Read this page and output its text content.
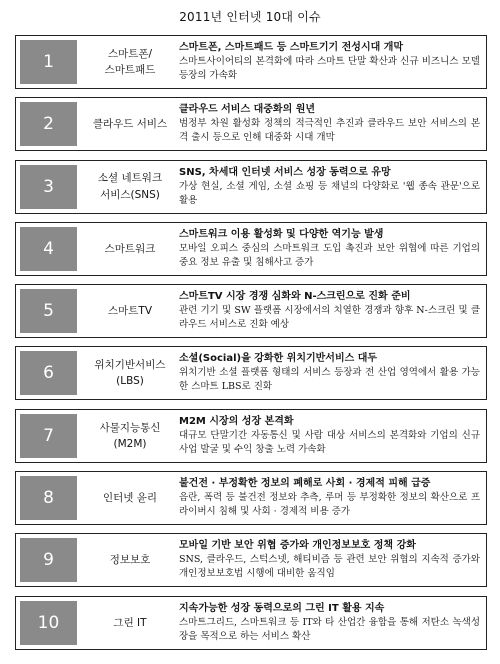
2011년 인터넷 10대 이슈
1	스마트폰/
스마트패드
스마트폰, 스마트패드 등 스마트기기 전성시대 개막
스마트사이어티의 본격화에 따라 스마트 단말 확산과 신규 비즈니스 모델 등장의 가속화
2	클라우드 서비스
클라우드 서비스 대중화의 원년
범정부 차원 활성화 정책의 적극적인 추진과 클라우드 보안 서비스의 본격 출시 등으로 인해 대중화 시대 개막
3	소셜 네트워크
서비스(SNS)
SNS, 차세대 인터넷 서비스 성장 동력으로 유망
가상 현실, 소셜 게임, 소셜 쇼핑 등 채널의 다양화로 '웹 종속 관문'으로 활용
4	스마트워크
스마트워크 이용 활성화 및 다양한 역기능 발생
모바일 오피스 중심의 스마트워크 도입 촉진과 보안 위협에 따른 기업의 중요 정보 유출 및 침해사고 증가
5	스마트TV
스마트TV 시장 경쟁 심화와 N-스크린으로 진화 준비
관련 기기 및 SW 플랫폼 시장에서의 치열한 경쟁과 향후 N-스크린 및 클라우드 서비스로 진화 예상
6	위치기반서비스
(LBS)
소셜(Social)을 강화한 위치기반서비스 대두
위치기반 소셜 플랫폼 형태의 서비스 등장과 전 산업 영역에서 활용 가능한 스마트 LBS로 진화
7	사물지능통신
(M2M)
M2M 시장의 성장 본격화
대규모 단말기간 자동통신 및 사람 대상 서비스의 본격화와 기업의 신규 사업 발굴 및 수익 창출 노력 가속화
8	인터넷 윤리
불건전 · 부정확한 정보의 폐해로 사회 · 경제적 피해 급증
음란, 폭력 등 불건전 정보와 추측, 루머 등 부정확한 정보의 확산으로 프라이버시 침해 및 사회 · 경제적 비용 증가
9	정보보호
모바일 기반 보안 위협 증가와 개인정보보호 정책 강화
SNS, 클라우드, 스턱스넷, 해티비즘 등 관련 보안 위협의 지속적 증가와 개인정보보호법 시행에 대비한 움직임
10	그린 IT
지속가능한 성장 동력으로의 그린 IT 활용 지속
스마트그리드, 스마트워크 등 IT와 타 산업간 융합을 통해 저탄소 녹색성장을 목적으로 하는 서비스 확산
